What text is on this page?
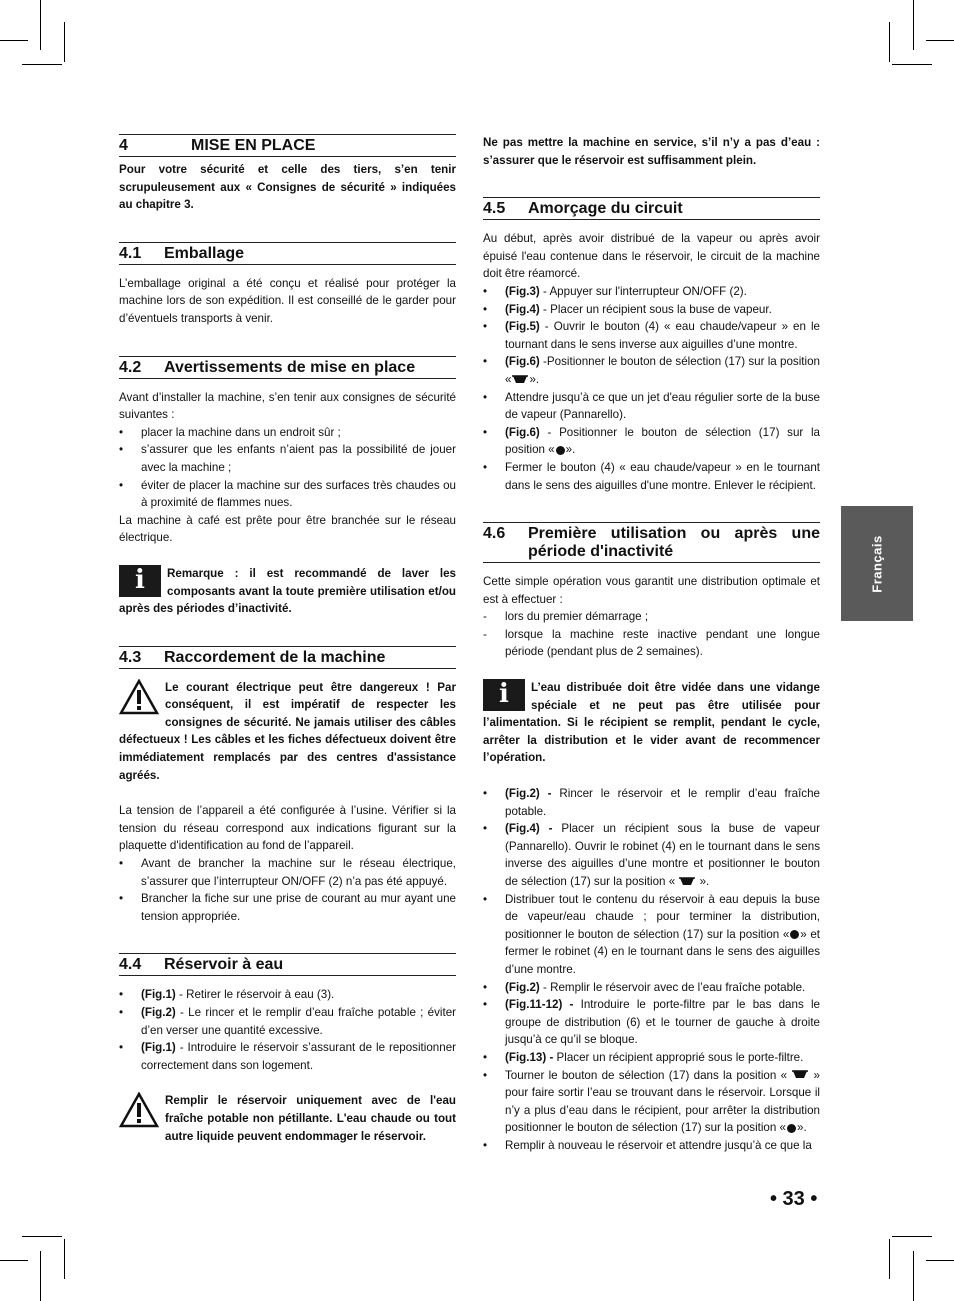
4	MISE EN PLACE

Pour votre sécurité et celle des tiers, s’en tenir scrupuleusement aux « Consignes de sécurité » indiquées au chapitre 3.

4.1	Emballage

L’emballage original a été conçu et réalisé pour protéger la machine lors de son expédition. Il est conseillé de le garder pour d’éventuels transports à venir.

4.2	Avertissements de mise en place

Avant d’installer la machine, s’en tenir aux consignes de sécurité suivantes :

• placer la machine dans un endroit sûr ;
• s’assurer que les enfants n’aient pas la possibilité de jouer avec la machine ;
• éviter de placer la machine sur des surfaces très chaudes ou à proximité de flammes nues.

La machine à café est prête pour être branchée sur le réseau électrique.

i	Remarque : il est recommandé de laver les composants avant la toute première utilisation et/ou après des périodes d’inactivité.
4.3	Raccordement de la machine
Le courant électrique peut être dangereux ! Par conséquent, il est impératif de respecter les consignes de sécurité. Ne jamais utiliser des câbles défectueux ! Les câbles et les fiches défectueux doivent être immédiatement remplacés par des centres d'assistance agréés.

La tension de l’appareil a été configurée à l’usine. Vérifier si la tension du réseau correspond aux indications figurant sur la plaquette d'identification au fond de l’appareil.

• Avant de brancher la machine sur le réseau électrique, s’assurer que l’interrupteur ON/OFF (2) n’a pas été appuyé.
• Brancher la fiche sur une prise de courant au mur ayant une tension appropriée.
4.4	Réservoir à eau
• (Fig.1) - Retirer le réservoir à eau (3).
• (Fig.2) - Le rincer et le remplir d’eau fraîche potable ; éviter d’en verser une quantité excessive.
• (Fig.1) - Introduire le réservoir s’assurant de le repositionner correctement dans son logement.
Remplir le réservoir uniquement avec de l'eau fraîche potable non pétillante. L'eau chaude ou tout autre liquide peuvent endommager le réservoir.

Ne pas mettre la machine en service, s’il n’y a pas d’eau : s’assurer que le réservoir est suffisamment plein.

4.5	Amorçage du circuit

Au début, après avoir distribué de la vapeur ou après avoir épuisé l'eau contenue dans le réservoir, le circuit de la machine doit être réamorcé.

• (Fig.3) - Appuyer sur l'interrupteur ON/OFF (2).
• (Fig.4) - Placer un récipient sous la buse de vapeur.
• (Fig.5) - Ouvrir le bouton (4) « eau chaude/vapeur » en le tournant dans le sens inverse aux aiguilles d’une montre.
• (Fig.6) -Positionner le bouton de sélection (17) sur la position « ».
• Attendre jusqu’à ce que un jet d'eau régulier sorte de la buse de vapeur (Pannarello).
• (Fig.6) - Positionner le bouton de sélection (17) sur la position « ».
• Fermer le bouton (4) « eau chaude/vapeur » en le tournant dans le sens des aiguilles d'une montre. Enlever le récipient.
4.6	Première utilisation ou après une période d'inactivité

Cette simple opération vous garantit une distribution optimale et est à effectuer :

- lors du premier démarrage ;
- lorsque la machine reste inactive pendant une longue période (pendant plus de 2 semaines).
i	L’eau distribuée doit être vidée dans une vidange spéciale et ne peut pas être utilisée pour l’alimentation. Si le récipient se remplit, pendant le cycle, arrêter la distribution et le vider avant de recommencer l’opération.
• (Fig.2) - Rincer le réservoir et le remplir d’eau fraîche potable.
• (Fig.4) - Placer un récipient sous la buse de vapeur (Pannarello). Ouvrir le robinet (4) en le tournant dans le sens inverse des aiguilles d’une montre et positionner le bouton de sélection (17) sur la position «  ».
• Distribuer tout le contenu du réservoir à eau depuis la buse de vapeur/eau chaude ; pour terminer la distribution, positionner le bouton de sélection (17) sur la position « » et fermer le robinet (4) en le tournant dans le sens des aiguilles d’une montre.
• (Fig.2) - Remplir le réservoir avec de l’eau fraîche potable.
• (Fig.11-12) - Introduire le porte-filtre par le bas dans le groupe de distribution (6) et le tourner de gauche à droite jusqu’à ce qu’il se bloque.
• (Fig.13) - Placer un récipient approprié sous le porte-filtre.
• Tourner le bouton de sélection (17) dans la position «  » pour faire sortir l’eau se trouvant dans le réservoir. Lorsque il n’y a plus d’eau dans le récipient, pour arrêter la distribution positionner le bouton de sélection (17) sur la position « ».
• Remplir à nouveau le réservoir et attendre jusqu’à ce que la
Français
• 33 •
